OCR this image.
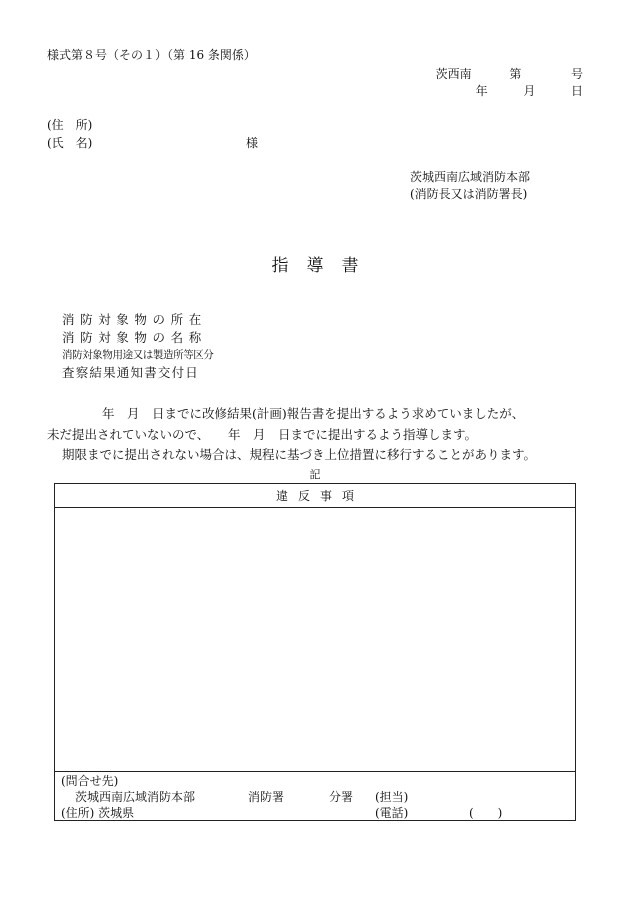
様式第８号（その１）（第 16 条関係）
茨西南	第	号
年	月	日
(住　所)
(氏　名)	様
茨城西南広域消防本部
(消防長又は消防署長)
指導書
消防対象物の所在
消防対象物の名称
消防対象物用途又は製造所等区分
査察結果通知書交付日
年　月　日までに改修結果(計画)報告書を提出するよう求めていましたが、
未だ提出されていないので、　　年　月　日までに提出するよう指導します。
期限までに提出されない場合は、規程に基づき上位措置に移行することがあります。
記
違反事項
(問合せ先)
茨城西南広域消防本部	消防署	分署 (担当)
(住所) 茨城県	(電話)	(　　)
